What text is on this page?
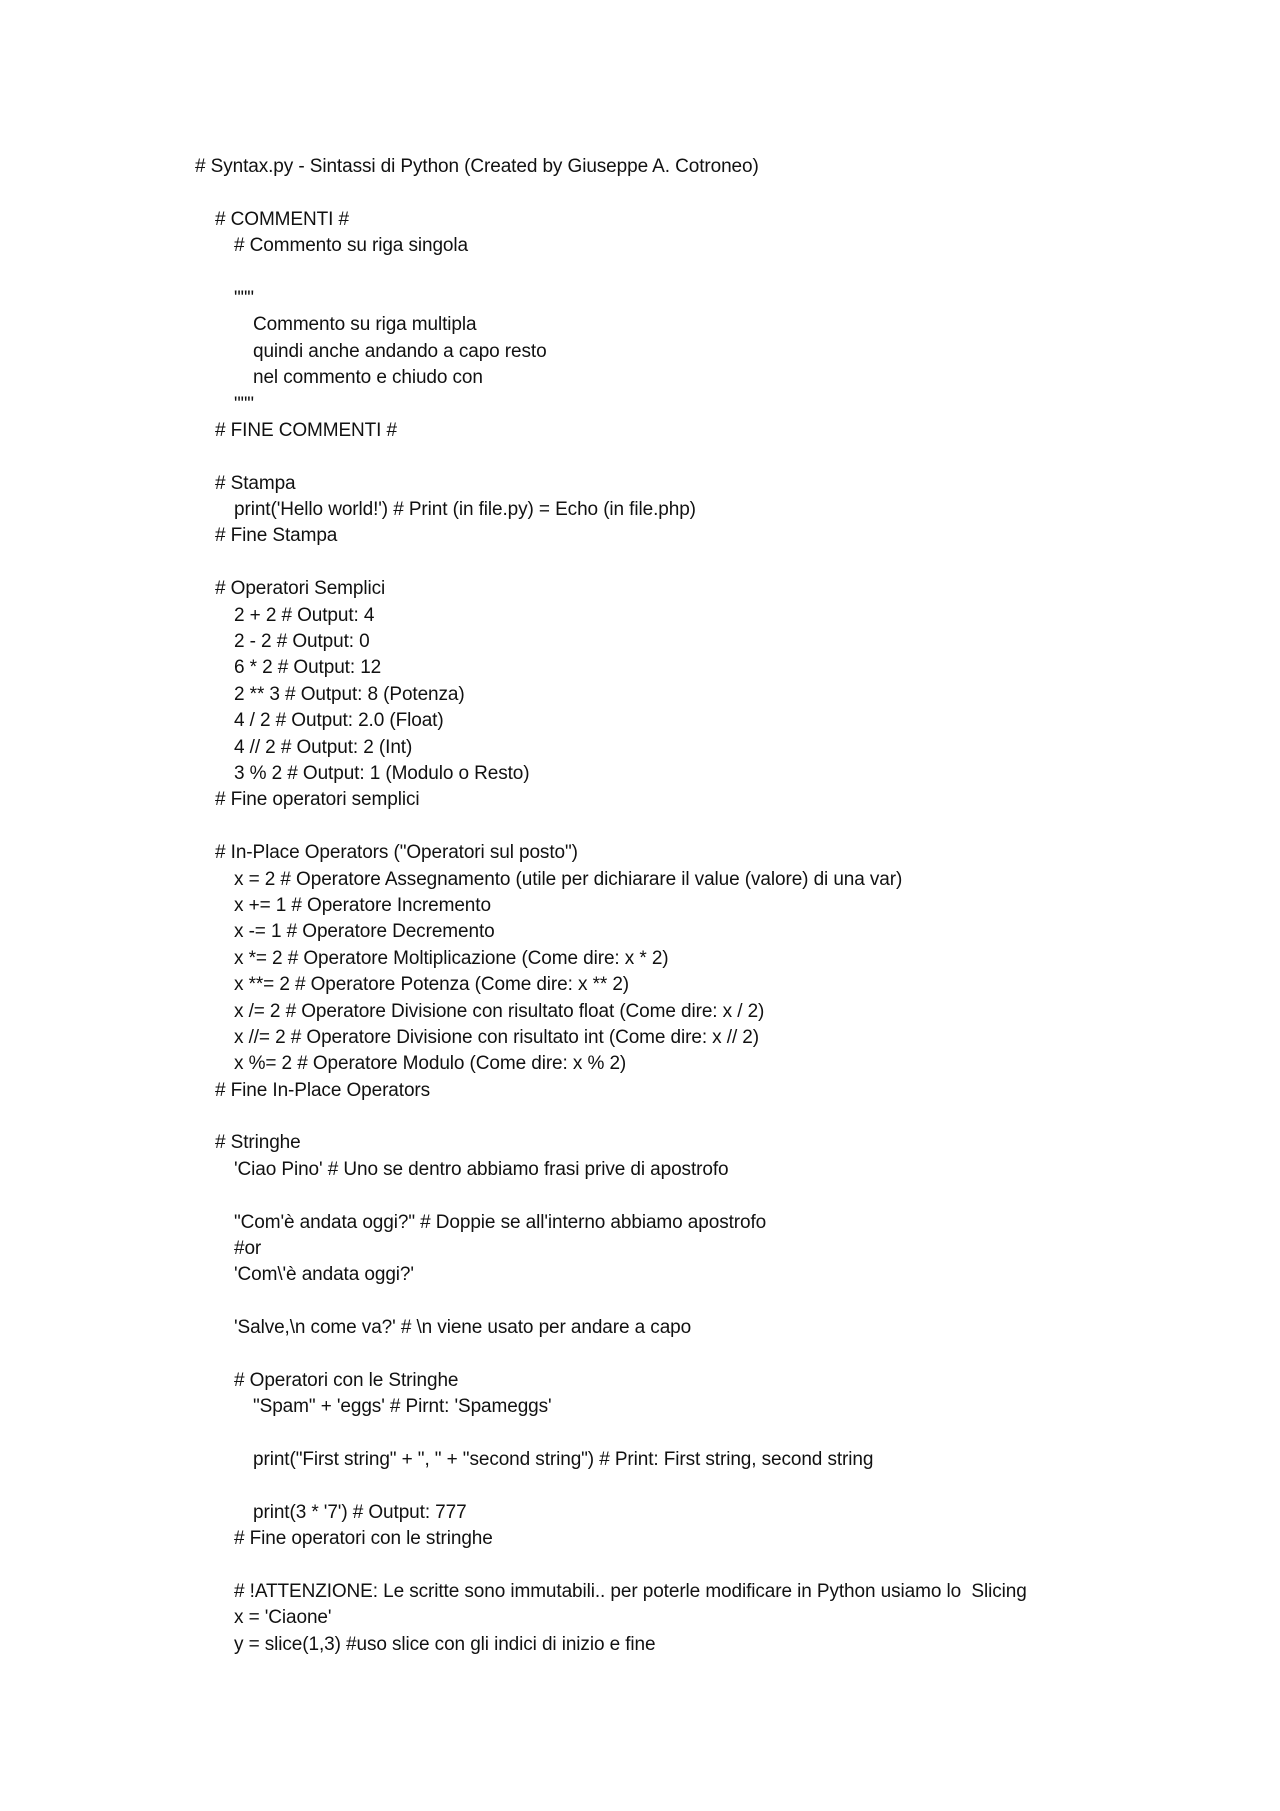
# Syntax.py - Sintassi di Python (Created by Giuseppe A. Cotroneo)
# COMMENTI #
# Commento su riga singola
"""
Commento su riga multipla
quindi anche andando a capo resto
nel commento e chiudo con
"""
# FINE COMMENTI #
# Stampa
print('Hello world!') # Print (in file.py) = Echo (in file.php)
# Fine Stampa
# Operatori Semplici
2 + 2 # Output: 4
2 - 2 # Output: 0
6 * 2 # Output: 12
2 ** 3 # Output: 8 (Potenza)
4 / 2 # Output: 2.0 (Float)
4 // 2 # Output: 2 (Int)
3 % 2 # Output: 1 (Modulo o Resto)
# Fine operatori semplici
# In-Place Operators ("Operatori sul posto")
x = 2 # Operatore Assegnamento (utile per dichiarare il value (valore) di una var)
x += 1 # Operatore Incremento
x -= 1 # Operatore Decremento
x *= 2 # Operatore Moltiplicazione (Come dire: x * 2)
x **= 2 # Operatore Potenza (Come dire: x ** 2)
x /= 2 # Operatore Divisione con risultato float (Come dire: x / 2)
x //= 2 # Operatore Divisione con risultato int (Come dire: x // 2)
x %= 2 # Operatore Modulo (Come dire: x % 2)
# Fine In-Place Operators
# Stringhe
'Ciao Pino' # Uno se dentro abbiamo frasi prive di apostrofo
"Com'è andata oggi?" # Doppie se all'interno abbiamo apostrofo
#or
'Com\'è andata oggi?'
'Salve,\n come va?' # \n viene usato per andare a capo
# Operatori con le Stringhe
"Spam" + 'eggs' # Pirnt: 'Spameggs'
print("First string" + ", " + "second string") # Print: First string, second string
print(3 * '7') # Output: 777
# Fine operatori con le stringhe
# !ATTENZIONE: Le scritte sono immutabili.. per poterle modificare in Python usiamo lo  Slicing
x = 'Ciaone'
y = slice(1,3) #uso slice con gli indici di inizio e fine
